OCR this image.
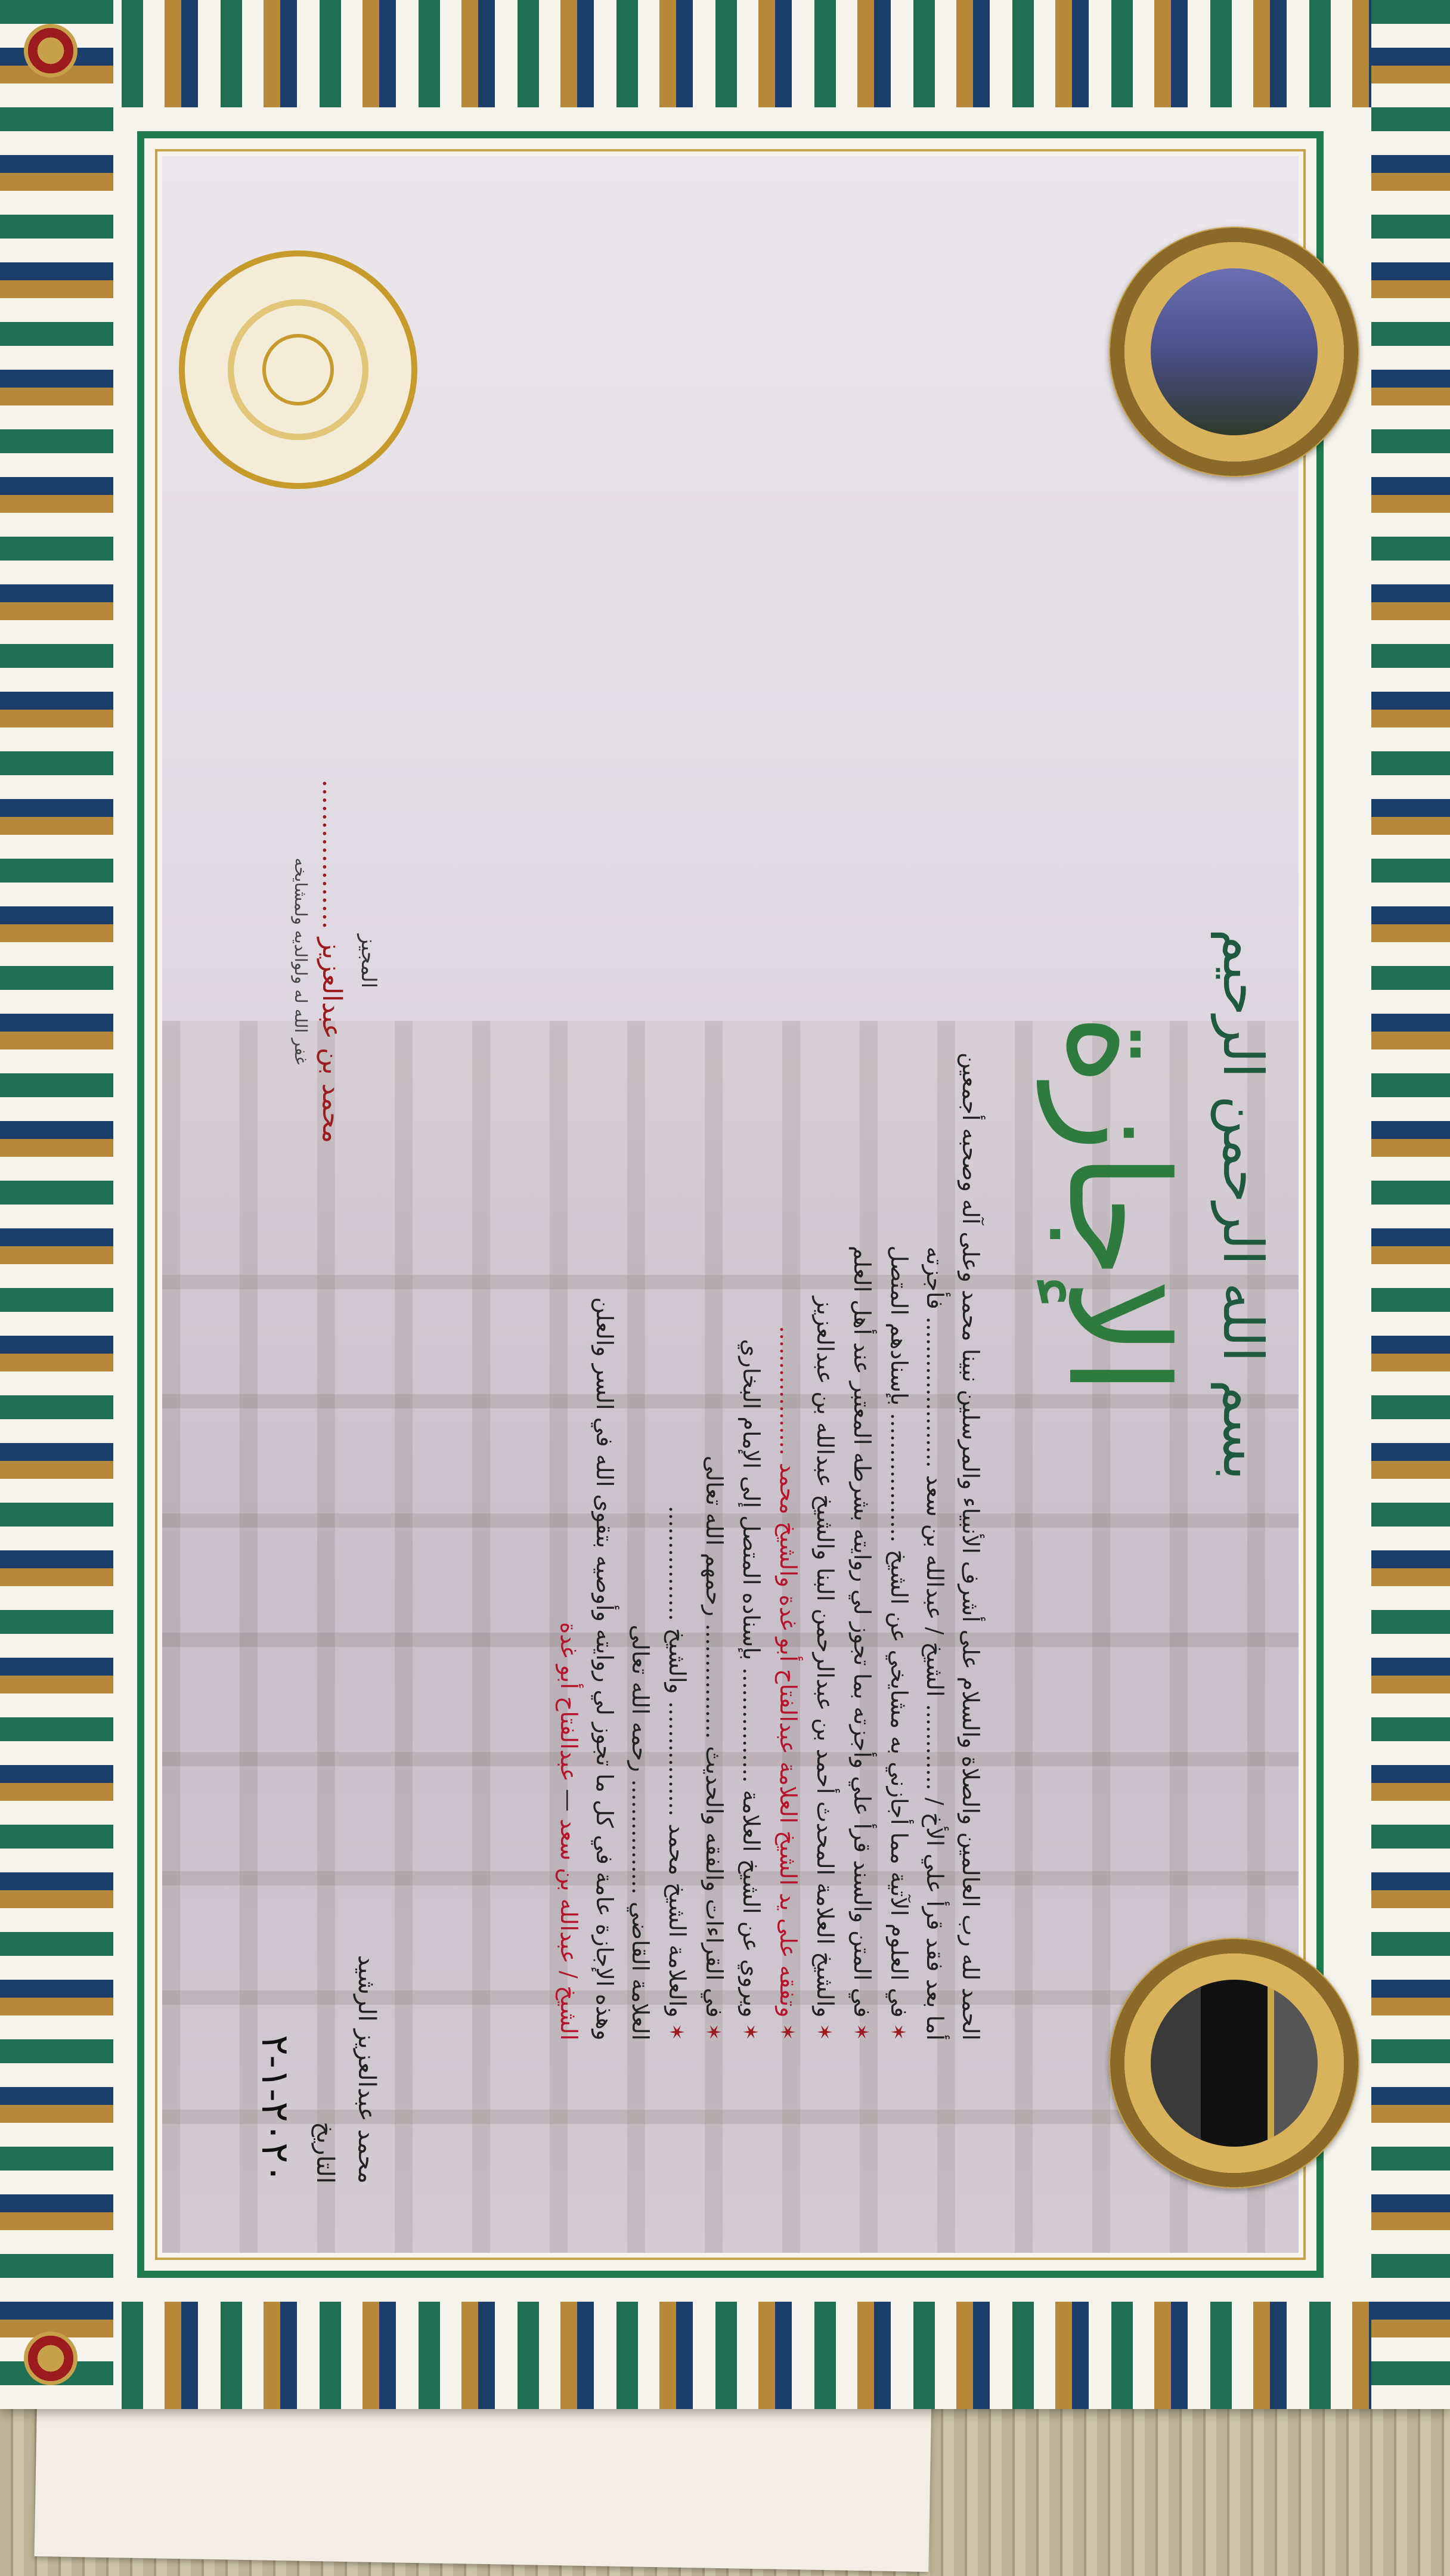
بسم الله الرحمن الرحيم
الإجازة

الحمد لله رب العالمين والصلاة والسلام على أشرف الأنبياء والمرسلين نبينا محمد وعلى آله وصحبه أجمعين

أما بعد فقد قرأ علي الأخ / ............ الشيخ / عبدالله بن سعد ..................... فأجزته

✶في العلوم الآتية مما أجازني به مشايخي عن الشيخ .................. بإسنادهم المتصل

✶في المتن والسند قرأ علي وأجزته بما تجوز لي روايته بشرطه المعتبر عند أهل العلم

✶والشيخ العلامة المحدث أحمد بن عبدالرحمن البنا والشيخ عبدالله بن عبدالعزيز

✶وتفقه على يد الشيخ العلامة عبدالفتاح أبو غدة والشيخ محمد ..................

✶ويروي عن الشيخ العلامة ................ بإسناده المتصل إلى الإمام البخاري

✶في القراءات والفقه والحديث ................ رحمهم الله تعالى

✶والعلامة الشيخ محمد ................ والشيخ ................

العلامة القاضي ................ رحمه الله تعالى

وهذه الإجازة عامة في كل ما تجوز لي روايته وأوصيه بتقوى الله في السر والعلن

الشيخ / عبدالله بن سعد — عبدالفتاح أبو غدة

المجيز
محمد بن عبدالعزيز ..................
غفر الله له ولوالديه ولمشايخه
محمد عبدالعزيز الرشيد
التاريخ
٢٠٢٠-١-٢
